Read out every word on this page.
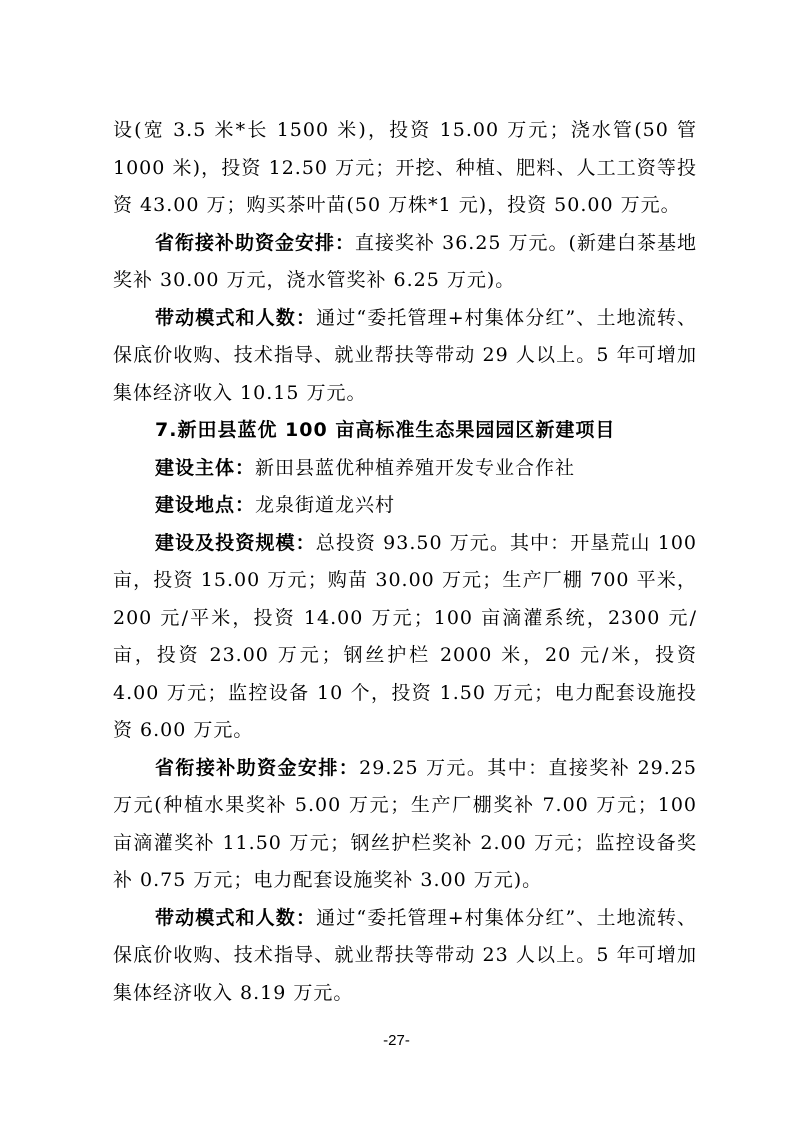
设(宽 3.5 米*长 1500 米)，投资 15.00 万元；浇水管(50 管 1000 米)，投资 12.50 万元；开挖、种植、肥料、人工工资等投资 43.00 万；购买茶叶苗(50 万株*1 元)，投资 50.00 万元。

省衔接补助资金安排：直接奖补 36.25 万元。(新建白茶基地奖补 30.00 万元，浇水管奖补 6.25 万元)。

带动模式和人数：通过“委托管理+村集体分红”、土地流转、保底价收购、技术指导、就业帮扶等带动 29 人以上。5 年可增加集体经济收入 10.15 万元。

7.新田县蓝优 100 亩高标准生态果园园区新建项目

建设主体：新田县蓝优种植养殖开发专业合作社

建设地点：龙泉街道龙兴村

建设及投资规模：总投资 93.50 万元。其中：开垦荒山 100 亩，投资 15.00 万元；购苗 30.00 万元；生产厂棚 700 平米，200 元/平米，投资 14.00 万元；100 亩滴灌系统，2300 元/亩，投资 23.00 万元；钢丝护栏 2000 米，20 元/米，投资 4.00 万元；监控设备 10 个，投资 1.50 万元；电力配套设施投资 6.00 万元。

省衔接补助资金安排：29.25 万元。其中：直接奖补 29.25 万元(种植水果奖补 5.00 万元；生产厂棚奖补 7.00 万元；100 亩滴灌奖补 11.50 万元；钢丝护栏奖补 2.00 万元；监控设备奖补 0.75 万元；电力配套设施奖补 3.00 万元)。

带动模式和人数：通过“委托管理+村集体分红”、土地流转、保底价收购、技术指导、就业帮扶等带动 23 人以上。5 年可增加集体经济收入 8.19 万元。

-27-
